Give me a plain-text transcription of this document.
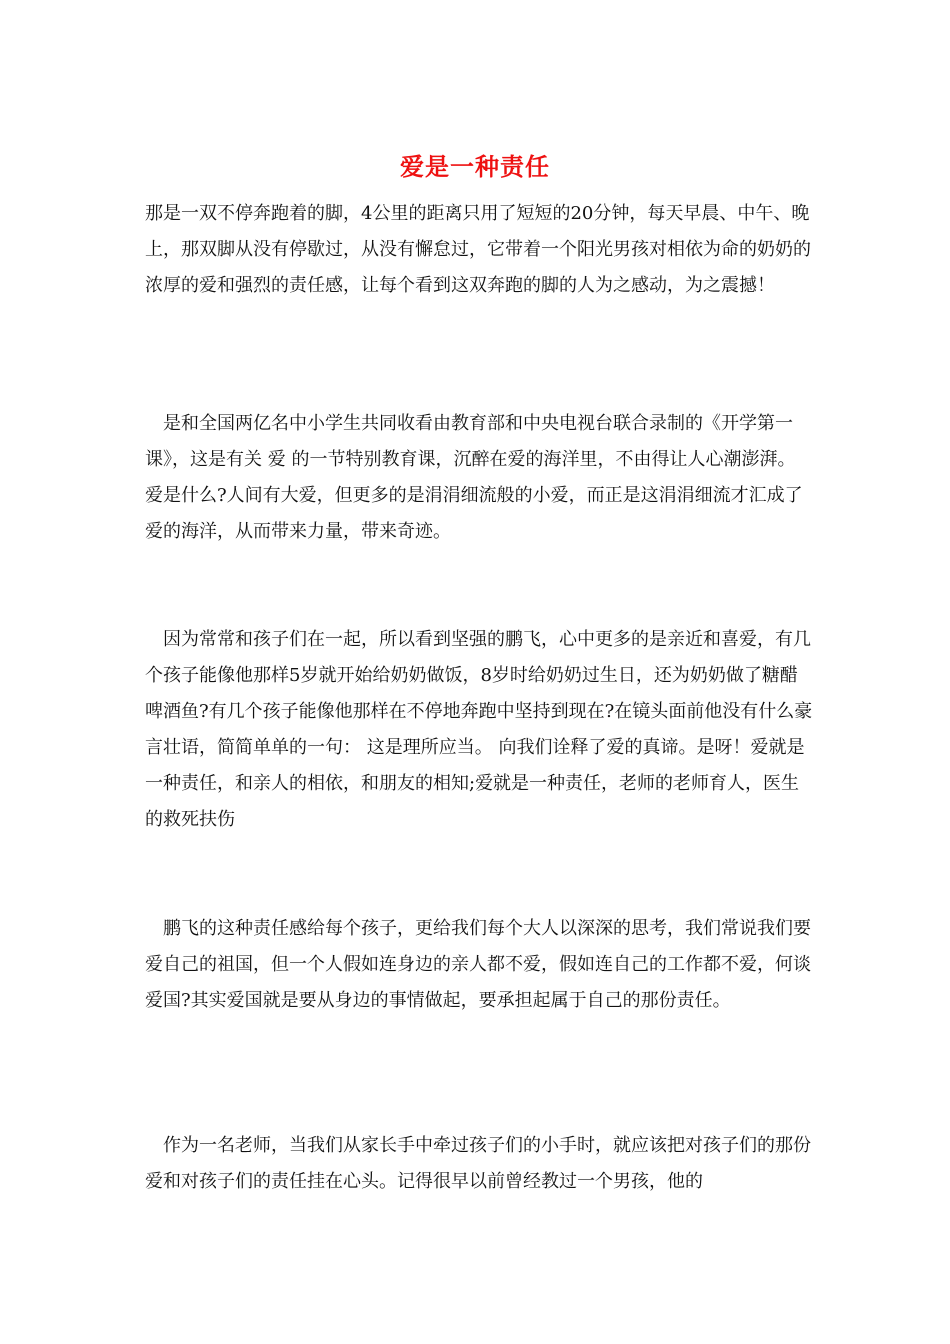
爱是一种责任

那是一双不停奔跑着的脚，4公里的距离只用了短短的20分钟，每天早晨、中午、晚上，那双脚从没有停歇过，从没有懈怠过，它带着一个阳光男孩对相依为命的奶奶的浓厚的爱和强烈的责任感，让每个看到这双奔跑的脚的人为之感动，为之震撼！

　是和全国两亿名中小学生共同收看由教育部和中央电视台联合录制的《开学第一课》，这是有关 爱 的一节特别教育课，沉醉在爱的海洋里，不由得让人心潮澎湃。爱是什么?人间有大爱，但更多的是涓涓细流般的小爱，而正是这涓涓细流才汇成了爱的海洋，从而带来力量，带来奇迹。

　因为常常和孩子们在一起，所以看到坚强的鹏飞，心中更多的是亲近和喜爱，有几个孩子能像他那样5岁就开始给奶奶做饭，8岁时给奶奶过生日，还为奶奶做了糖醋啤酒鱼?有几个孩子能像他那样在不停地奔跑中坚持到现在?在镜头面前他没有什么豪言壮语，简简单单的一句： 这是理所应当。 向我们诠释了爱的真谛。是呀！爱就是一种责任，和亲人的相依，和朋友的相知;爱就是一种责任，老师的老师育人，医生的救死扶伤

　鹏飞的这种责任感给每个孩子，更给我们每个大人以深深的思考，我们常说我们要爱自己的祖国，但一个人假如连身边的亲人都不爱，假如连自己的工作都不爱，何谈爱国?其实爱国就是要从身边的事情做起，要承担起属于自己的那份责任。

　作为一名老师，当我们从家长手中牵过孩子们的小手时，就应该把对孩子们的那份爱和对孩子们的责任挂在心头。记得很早以前曾经教过一个男孩，他的
